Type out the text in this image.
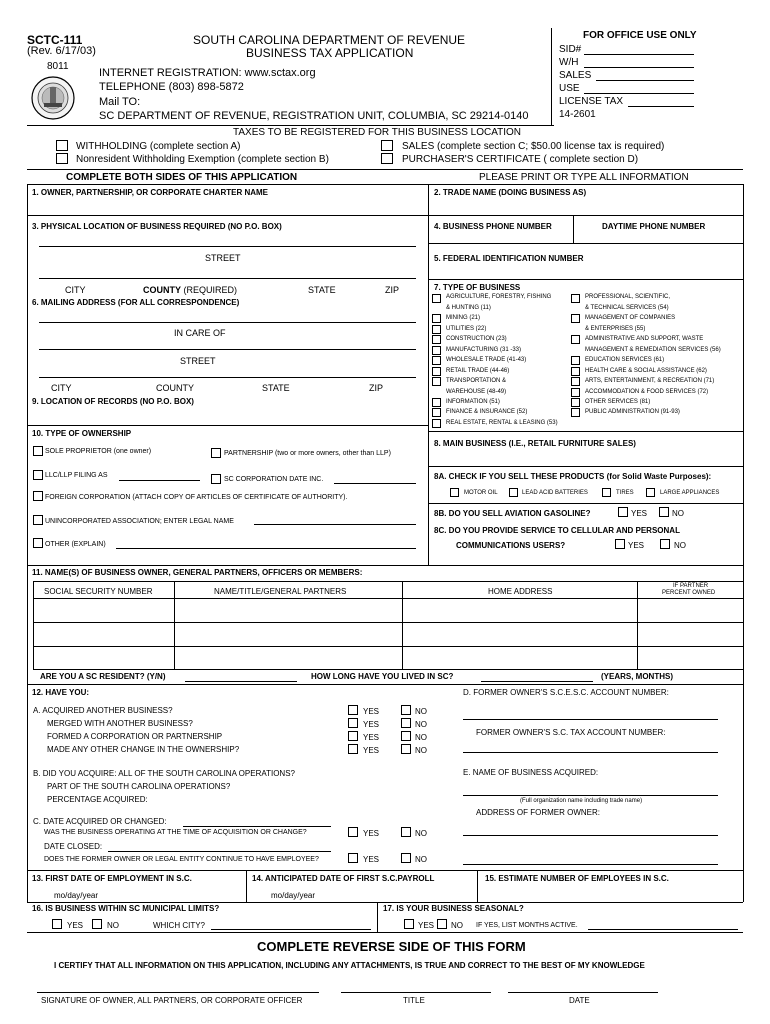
SCTC-111
(Rev. 6/17/03)
8011
SOUTH CAROLINA DEPARTMENT OF REVENUE
BUSINESS TAX APPLICATION
INTERNET REGISTRATION: www.sctax.org
TELEPHONE (803) 898-5872
Mail TO:
SC DEPARTMENT OF REVENUE, REGISTRATION UNIT, COLUMBIA, SC 29214-0140
FOR OFFICE USE ONLY
SID#
W/H
SALES
USE
LICENSE TAX
14-2601
TAXES TO BE REGISTERED FOR THIS BUSINESS LOCATION
WITHHOLDING (complete section A)
Nonresident Withholding Exemption (complete section B)
SALES (complete section C; $50.00 license tax is required)
PURCHASER'S CERTIFICATE ( complete section D)
COMPLETE BOTH SIDES OF THIS APPLICATION	PLEASE PRINT OR TYPE ALL INFORMATION
1. OWNER, PARTNERSHIP, OR CORPORATE CHARTER NAME	2. TRADE NAME (DOING BUSINESS AS)
3. PHYSICAL LOCATION OF BUSINESS REQUIRED (NO P.O. BOX)	4. BUSINESS PHONE NUMBER	DAYTIME PHONE NUMBER
STREET	5. FEDERAL IDENTIFICATION NUMBER
CITY	COUNTY (REQUIRED)	STATE	ZIP
6. MAILING ADDRESS (FOR ALL CORRESPONDENCE)
IN CARE OF
STREET
CITY	COUNTY	STATE	ZIP
9. LOCATION OF RECORDS (NO P.O. BOX)
7. TYPE OF BUSINESS
AGRICULTURE, FORESTRY, FISHING
& HUNTING (11)
MINING (21)
UTILITIES (22)
CONSTRUCTION (23)
MANUFACTURING (31 -33)
WHOLESALE TRADE (41-43)
RETAIL TRADE (44-46)
TRANSPORTATION &
WAREHOUSE (48-49)
INFORMATION (51)
FINANCE & INSURANCE (52)
REAL ESTATE, RENTAL & LEASING (53)
PROFESSIONAL, SCIENTIFIC,
& TECHNICAL SERVICES (54)
MANAGEMENT OF COMPANIES
& ENTERPRISES (55)
ADMINISTRATIVE AND SUPPORT, WASTE
MANAGEMENT & REMEDIATION SERVICES (56)
EDUCATION SERVICES (61)
HEALTH CARE & SOCIAL ASSISTANCE (62)
ARTS, ENTERTAINMENT, & RECREATION (71)
ACCOMMODATION & FOOD SERVICES (72)
OTHER SERVICES (81)
PUBLIC ADMINISTRATION (91-93)
10. TYPE OF OWNERSHIP
SOLE PROPRIETOR (one owner)	PARTNERSHIP (two or more owners, other than LLP)
LLC/LLP FILING AS
SC CORPORATION DATE INC.
FOREIGN CORPORATION (ATTACH COPY OF ARTICLES OF CERTIFICATE OF AUTHORITY).
UNINCORPORATED ASSOCIATION; ENTER LEGAL NAME
OTHER (EXPLAIN)
8. MAIN BUSINESS (I.E., RETAIL FURNITURE SALES)
8A. CHECK IF YOU SELL THESE PRODUCTS (for Solid Waste Purposes):
MOTOR OIL	LEAD ACID BATTERIES	TIRES	LARGE APPLIANCES
8B. DO YOU SELL AVIATION GASOLINE?	YES	NO
8C. DO YOU PROVIDE SERVICE TO CELLULAR AND PERSONAL
COMMUNICATIONS USERS?	YES	NO
11. NAME(S) OF BUSINESS OWNER, GENERAL PARTNERS, OFFICERS OR MEMBERS:
SOCIAL SECURITY NUMBER	NAME/TITLE/GENERAL PARTNERS	HOME ADDRESS
IF PARTNER
PERCENT OWNED
ARE YOU A SC RESIDENT? (Y/N)	HOW LONG HAVE YOU LIVED IN SC?	(YEARS, MONTHS)
12. HAVE YOU:	D. FORMER OWNER'S S.C.E.S.C. ACCOUNT NUMBER:
A. ACQUIRED ANOTHER BUSINESS?
MERGED WITH ANOTHER BUSINESS?
FORMED A CORPORATION OR PARTNERSHIP
MADE ANY OTHER CHANGE IN THE OWNERSHIP?
YES	NO
YES	NO
YES	NO
YES	NO
FORMER OWNER'S S.C. TAX ACCOUNT NUMBER:
B. DID YOU ACQUIRE: ALL OF THE SOUTH CAROLINA OPERATIONS?
PART OF THE SOUTH CAROLINA OPERATIONS?
PERCENTAGE ACQUIRED:
E. NAME OF BUSINESS ACQUIRED:
(Full organization name including trade name)
ADDRESS OF FORMER OWNER:
C. DATE ACQUIRED OR CHANGED:
WAS THE BUSINESS OPERATING AT THE TIME OF ACQUISITION OR CHANGE?	YES	NO
DATE CLOSED:
DOES THE FORMER OWNER OR LEGAL ENTITY CONTINUE TO HAVE EMPLOYEE?	YES	NO
13. FIRST DATE OF EMPLOYMENT IN S.C.	14. ANTICIPATED DATE OF FIRST S.C.PAYROLL	15. ESTIMATE NUMBER OF EMPLOYEES IN S.C.
mo/day/year	mo/day/year
16. IS BUSINESS WITHIN SC MUNICIPAL LIMITS?
YES	NO	WHICH CITY?
17. IS YOUR BUSINESS SEASONAL?
YES NO IF YES, LIST MONTHS ACTIVE.
COMPLETE REVERSE SIDE OF THIS FORM
I CERTIFY THAT ALL INFORMATION ON THIS APPLICATION, INCLUDING ANY ATTACHMENTS, IS TRUE AND CORRECT TO THE BEST OF MY KNOWLEDGE
SIGNATURE OF OWNER, ALL PARTNERS, OR CORPORATE OFFICER	TITLE	DATE
